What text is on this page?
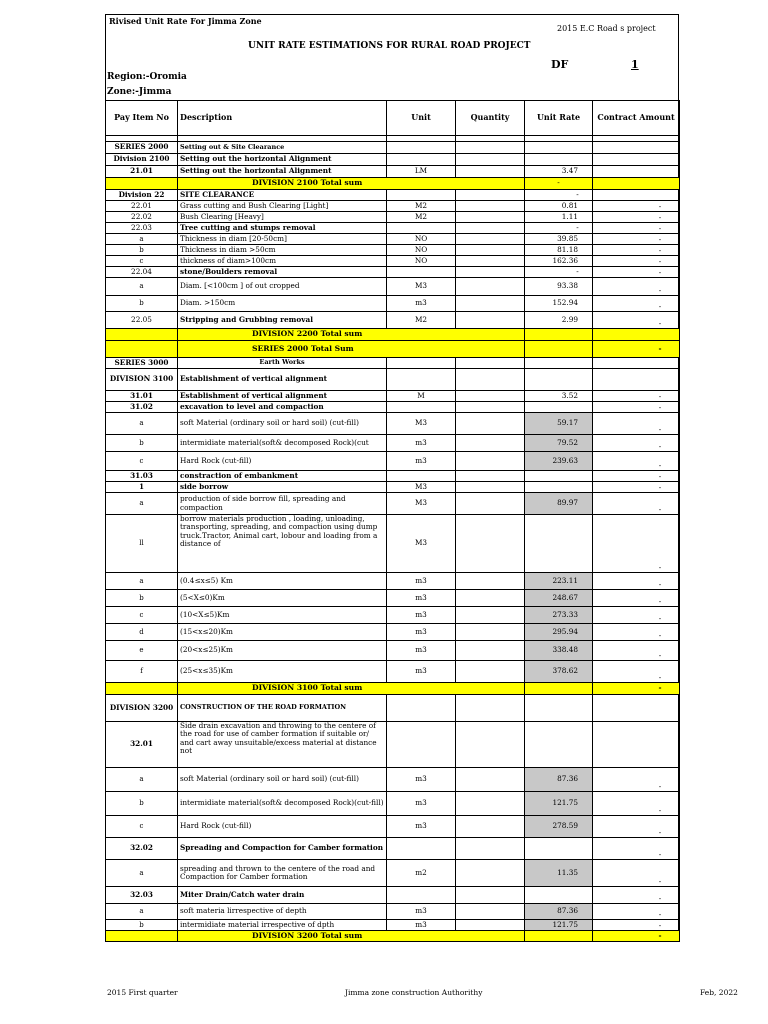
Rivised Unit Rate For Jimma Zone
2015 E.C Road s project
UNIT RATE ESTIMATIONS FOR RURAL ROAD PROJECT
DF	1
Region:-Oromia
Zone:-Jimma
Pay Item No	Description	Unit	Quantity	Unit Rate	Contract Amount

SERIES 2000	Setting out & Site Clearance				
Division 2100	Setting out the horizontal Alignment				
21.01	Setting out the horizontal Alignment	LM		3.47	
	DIVISION 2100 Total sum			-	
Division 22	SITE CLEARANCE			-	
22.01	Grass cutting and Bush Clearing [Light]	M2		0.81	-
22.02	Bush Clearing [Heavy]	M2		1.11	-
22.03	Tree cutting and stumps removal			-	-
a	Thickness in diam [20-50cm]	NO		39.85	-
b	Thickness in diam >50cm	NO		81.18	-
c	thickness of diam>100cm	NO		162.36	-
22.04	stone/Boulders removal			-	-
a	Diam. [<100cm ] of out cropped	M3		93.38	-
b	Diam. >150cm	m3		152.94	-
22.05	Stripping and Grubbing removal	M2		2.99	-
	DIVISION 2200 Total sum				
	SERIES 2000 Total Sum				-
SERIES 3000	Earth Works				
DIVISION 3100	Establishment of vertical alignment				
31.01	Establishment of vertical alignment	M		3.52	-
31.02	excavation to level and compaction				-
a	soft Material (ordinary soil or hard soil) (cut-fill)	M3		59.17	-
b	intermidiate material(soft& decomposed Rock)(cut	m3		79.52	-
c	Hard Rock (cut-fill)	m3		239.63	-
31.03	constraction of embankment				-
1	side borrow	M3			-
a	production of side borrow fill, spreading and compaction	M3		89.97	-
ll	borrow materials production , loading, unloading, transporting, spreading, and compaction using dump truck.Tractor, Animal cart, lobour and loading from a distance of	M3			-
a	(0.4≤x≤5) Km	m3		223.11	-
b	(5<X≤0)Km	m3		248.67	-
c	(10<X≤5)Km	m3		273.33	-
d	(15<x≤20)Km	m3		295.94	-
e	(20<x≤25)Km	m3		338.48	-
f	(25<x≤35)Km	m3		378.62	-
	DIVISION 3100 Total sum				-
DIVISION 3200	CONSTRUCTION OF THE ROAD FORMATION				
32.01	Side drain excavation and throwing to the centere of the road for use of camber formation if suitable or/ and cart away unsuitable/excess material at distance not				
a	soft Material (ordinary soil or hard soil) (cut-fill)	m3		87.36	-
b	intermidiate material(soft& decomposed Rock)(cut-fill)	m3		121.75	-
c	Hard Rock (cut-fill)	m3		278.59	-
32.02	Spreading and Compaction for Camber formation				-
a	spreading and thrown to the centere of the road and Compaction for Camber formation	m2		11.35	-
32.03	Miter Drain/Catch water drain				-
a	soft materia lirrespective of depth	m3		87.36	-
b	intermidiate material irrespective of dpth	m3		121.75	-
	DIVISION 3200 Total sum				-
2015 First quarter	Jimma zone construction Authorithy	Feb, 2022
